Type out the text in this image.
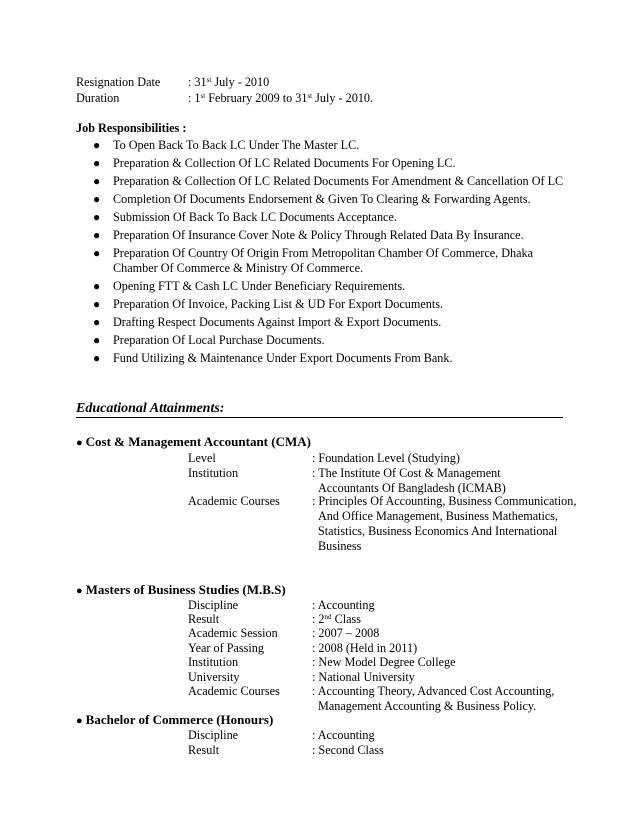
Resignation Date : 31st July - 2010
Duration	: 1st February 2009 to 31st July - 2010.
Job Responsibilities :
● To Open Back To Back LC Under The Master LC.
● Preparation & Collection Of LC Related Documents For Opening LC.
● Preparation & Collection Of LC Related Documents For Amendment & Cancellation Of LC
● Completion Of Documents Endorsement & Given To Clearing & Forwarding Agents.
● Submission Of Back To Back LC Documents Acceptance.
● Preparation Of Insurance Cover Note & Policy Through Related Data By Insurance.
● Preparation Of Country Of Origin From Metropolitan Chamber Of Commerce, Dhaka
Chamber Of Commerce & Ministry Of Commerce.
● Opening FTT & Cash LC Under Beneficiary Requirements.
● Preparation Of Invoice, Packing List & UD For Export Documents.
● Drafting Respect Documents Against Import & Export Documents.
● Preparation Of Local Purchase Documents.
● Fund Utilizing & Maintenance Under Export Documents From Bank.
Educational Attainments:
● Cost & Management Accountant (CMA)
Level	: Foundation Level (Studying)
Institution	: The Institute Of Cost & Management
Accountants Of Bangladesh (ICMAB)
Academic Courses	: Principles Of Accounting, Business Communication,
And Office Management, Business Mathematics,
Statistics, Business Economics And International
Business
● Masters of Business Studies (M.B.S)
Discipline	: Accounting
Result	: 2nd Class
Academic Session	: 2007 – 2008
Year of Passing	: 2008 (Held in 2011)
Institution	: New Model Degree College
University	: National University
Academic Courses	: Accounting Theory, Advanced Cost Accounting,
Management Accounting & Business Policy.
● Bachelor of Commerce (Honours)
Discipline	: Accounting
Result	: Second Class
